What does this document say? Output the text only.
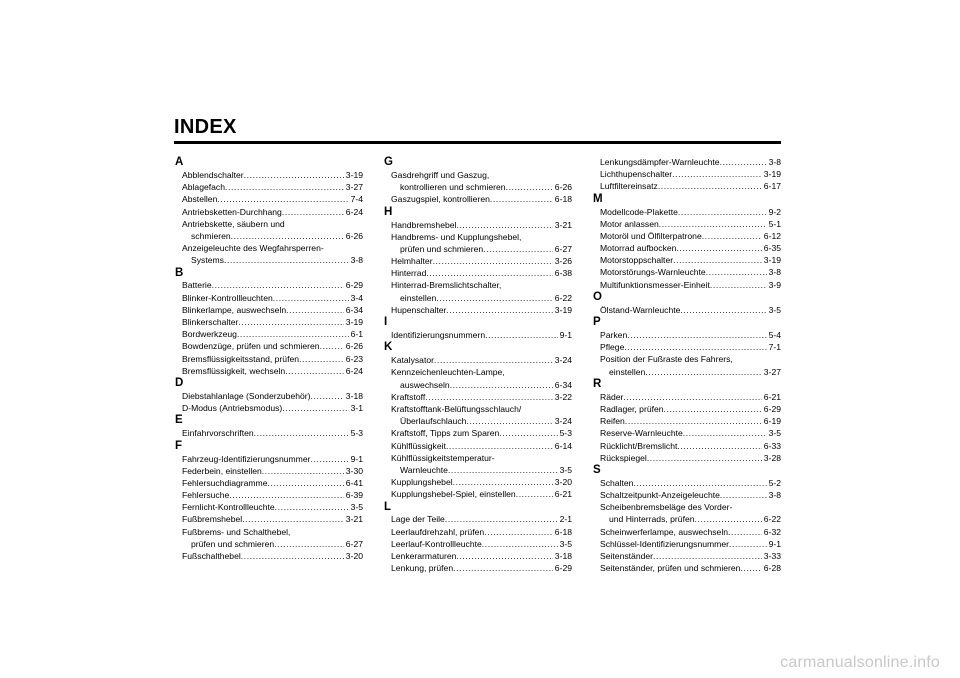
INDEX
A
Abblendschalter .....	3-19
Ablagefach .....	3-27
Abstellen .....	7-4
Antriebsketten-Durchhang .....	6-24
Antriebskette, säubern und
schmieren .....	6-26
Anzeigeleuchte des Wegfahrsperren-
Systems .....	3-8
B
Batterie .....	6-29
Blinker-Kontrollleuchten .....	3-4
Blinkerlampe, auswechseln .....	6-34
Blinkerschalter .....	3-19
Bordwerkzeug .....	6-1
Bowdenzüge, prüfen und schmieren .....	6-26
Bremsflüssigkeitsstand, prüfen .....	6-23
Bremsflüssigkeit, wechseln .....	6-24
D
Diebstahlanlage (Sonderzubehör) .....	3-18
D-Modus (Antriebsmodus) .....	3-1
E
Einfahrvorschriften .....	5-3
F
Fahrzeug-Identifizierungsnummer .....	9-1
Federbein, einstellen .....	3-30
Fehlersuchdiagramme .....	6-41
Fehlersuche .....	6-39
Fernlicht-Kontrollleuchte .....	3-5
Fußbremshebel .....	3-21
Fußbrems- und Schalthebel,
prüfen und schmieren .....	6-27
Fußschalthebel .....	3-20
G
Gasdrehgriff und Gaszug,
kontrollieren und schmieren .....	6-26
Gaszugspiel, kontrollieren .....	6-18
H
Handbremshebel .....	3-21
Handbrems- und Kupplungshebel,
prüfen und schmieren .....	6-27
Helmhalter .....	3-26
Hinterrad .....	6-38
Hinterrad-Bremslichtschalter,
einstellen .....	6-22
Hupenschalter .....	3-19
I
Identifizierungsnummern .....	9-1
K
Katalysator .....	3-24
Kennzeichenleuchten-Lampe,
auswechseln .....	6-34
Kraftstoff .....	3-22
Kraftstofftank-Belüftungsschlauch/
Überlaufschlauch .....	3-24
Kraftstoff, Tipps zum Sparen .....	5-3
Kühlflüssigkeit .....	6-14
Kühlflüssigkeitstemperatur-
Warnleuchte .....	3-5
Kupplungshebel .....	3-20
Kupplungshebel-Spiel, einstellen .....	6-21
L
Lage der Teile .....	2-1
Leerlaufdrehzahl, prüfen .....	6-18
Leerlauf-Kontrollleuchte .....	3-5
Lenkerarmaturen .....	3-18
Lenkung, prüfen .....	6-29
Lenkungsdämpfer-Warnleuchte .....	3-8
Lichthupenschalter .....	3-19
Luftfiltereinsatz .....	6-17
M
Modellcode-Plakette .....	9-2
Motor anlassen .....	5-1
Motoröl und Ölfilterpatrone .....	6-12
Motorrad aufbocken .....	6-35
Motorstoppschalter .....	3-19
Motorstörungs-Warnleuchte .....	3-8
Multifunktionsmesser-Einheit .....	3-9
O
Ölstand-Warnleuchte .....	3-5
P
Parken .....	5-4
Pflege .....	7-1
Position der Fußraste des Fahrers,
einstellen .....	3-27
R
Räder .....	6-21
Radlager, prüfen .....	6-29
Reifen .....	6-19
Reserve-Warnleuchte .....	3-5
Rücklicht/Bremslicht .....	6-33
Rückspiegel .....	3-28
S
Schalten .....	5-2
Schaltzeitpunkt-Anzeigeleuchte .....	3-8
Scheibenbremsbeläge des Vorder-
und Hinterrads, prüfen .....	6-22
Scheinwerferlampe, auswechseln .....	6-32
Schlüssel-Identifizierungsnummer .....	9-1
Seitenständer .....	3-33
Seitenständer, prüfen und schmieren .....	6-28
carmanualsonline.info
